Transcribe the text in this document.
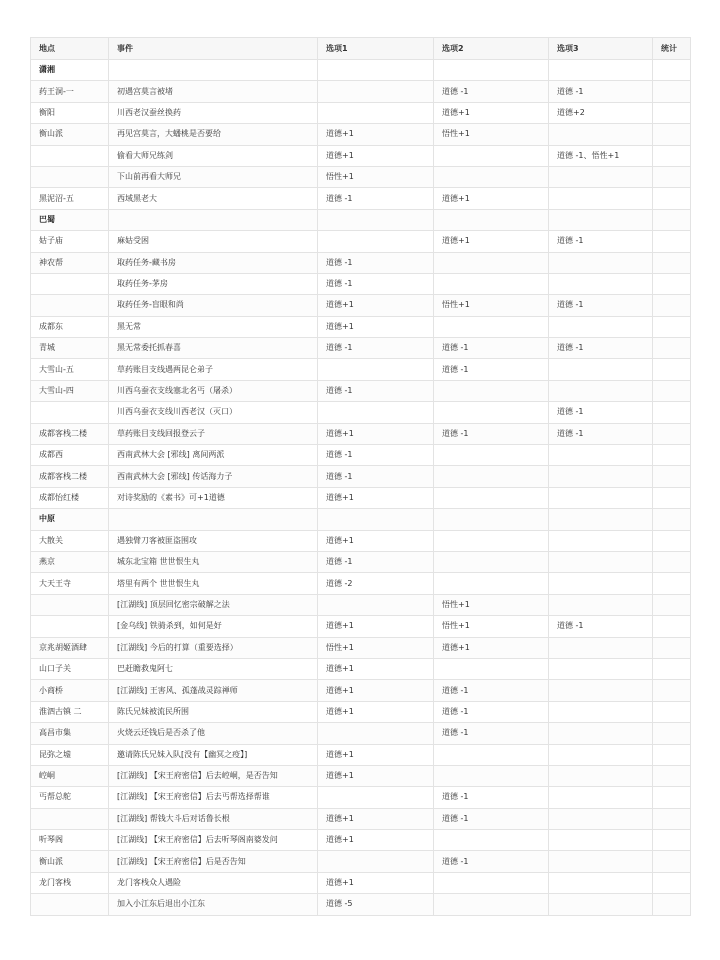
地点	事件	选项1	选项2	选项3	统计
潇湘					
药王洞-一	初遇宫莫言被堵		道德 -1	道德 -1	
衡阳	川西老汉蚕丝换药		道德+1	道德+2	
衡山派	再见宫莫言，大蟠桃是否要给	道德+1	悟性+1		
	偷看大师兄练剑	道德+1		道德 -1、悟性+1	
	下山前再看大师兄	悟性+1			
黑泥沼-五	西域黑老大	道德 -1	道德+1		
巴蜀					
姑子庙	麻姑受困		道德+1	道德 -1	
神农帮	取药任务-藏书房	道德 -1			
	取药任务-茅房	道德 -1			
	取药任务-盲眼和尚	道德+1	悟性+1	道德 -1	
成都东	黑无常	道德+1			
青城	黑无常委托抓春喜	道德 -1	道德 -1	道德 -1	
大雪山-五	草药账目支线遇两昆仑弟子		道德 -1		
大雪山-四	川西乌蚕衣支线塞北名丐（屠杀）	道德 -1			
	川西乌蚕衣支线川西老汉（灭口）			道德 -1	
成都客栈二楼	草药账目支线回报登云子	道德+1	道德 -1	道德 -1	
成都西	西南武林大会 [邪线] 离间两派	道德 -1			
成都客栈二楼	西南武林大会 [邪线] 传话海力子	道德 -1			
成都怡红楼	对诗奖励的《素书》可+1道德	道德+1			
中原					
大散关	遇独臂刀客被匪盗围攻	道德+1			
燕京	城东北宝箱 世世恨生丸	道德 -1			
大天王寺	塔里有两个 世世恨生丸	道德 -2			
	[江湖线] 顶层回忆密宗破解之法		悟性+1		
	[金乌线] 铁骑杀到，如何是好	道德+1	悟性+1	道德 -1	
京兆胡姬酒肆	[江湖线] 今后的打算（重要选择）	悟性+1	道德+1		
山口子关	巴赶瞻救鬼阿七	道德+1			
小商桥	[江湖线] 王害风、孤蓬战灵踪禅师	道德+1	道德 -1		
淮泗古镇 二	陈氏兄妹被流民所围	道德+1	道德 -1		
高昌市集	火烧云还钱后是否杀了他		道德 -1		
昆弥之墟	邀请陈氏兄妹入队[没有【幽冥之疫】]	道德+1			
崆峒	[江湖线] 【宋王府密信】后去崆峒，是否告知	道德+1			
丐帮总舵	[江湖线] 【宋王府密信】后去丐帮选择帮谁		道德 -1		
	[江湖线] 帮钱大斗后对话鲁长根	道德+1	道德 -1		
听琴阁	[江湖线] 【宋王府密信】后去听琴阁南婆发问	道德+1			
衡山派	[江湖线] 【宋王府密信】后是否告知		道德 -1		
龙门客栈	龙门客栈众人遇险	道德+1			
	加入小江东后退出小江东	道德 -5			
